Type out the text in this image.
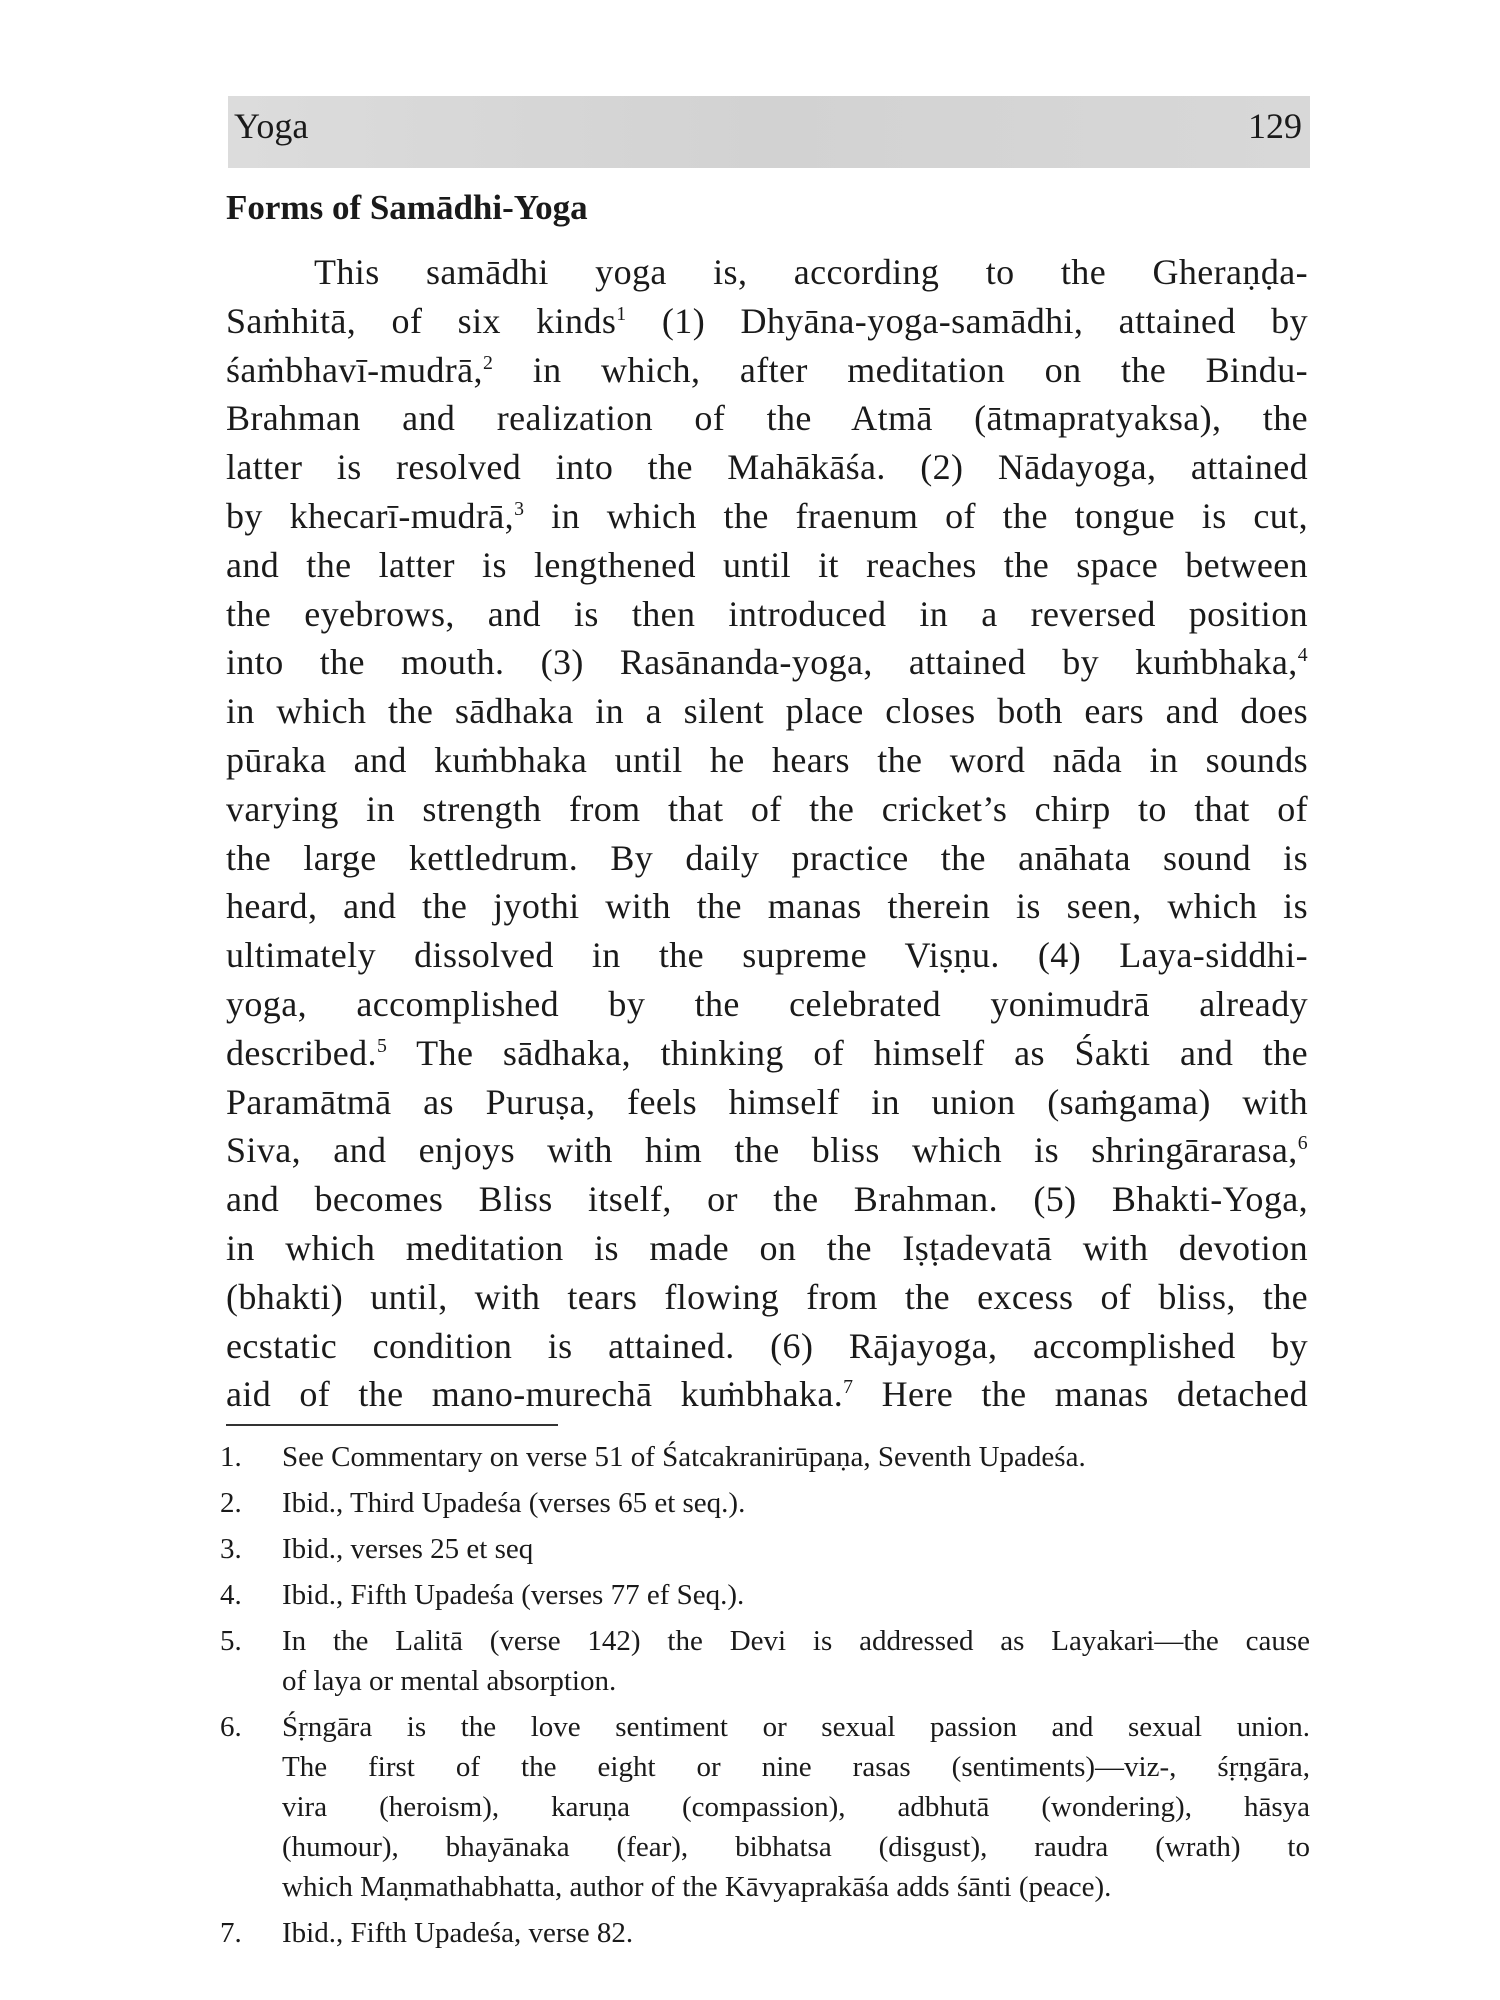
Yoga	129
Forms of Samādhi-Yoga
This samādhi yoga is, according to the Gheraṇḍa-
Saṁhitā, of six kinds$^1$ (1) Dhyāna-yoga-samādhi, attained by
śaṁbhavī-mudrā,$^2$ in which, after meditation on the Bindu-
Brahman and realization of the Atmā (ātmapratyaksa), the
latter is resolved into the Mahākāśa. (2) Nādayoga, attained
by khecarī-mudrā,$^3$ in which the fraenum of the tongue is cut,
and the latter is lengthened until it reaches the space between
the eyebrows, and is then introduced in a reversed position
into the mouth. (3) Rasānanda-yoga, attained by kuṁbhaka,$^4$
in which the sādhaka in a silent place closes both ears and does
pūraka and kuṁbhaka until he hears the word nāda in sounds
varying in strength from that of the cricket’s chirp to that of
the large kettledrum. By daily practice the anāhata sound is
heard, and the jyothi with the manas therein is seen, which is
ultimately dissolved in the supreme Viṣṇu. (4) Laya-siddhi-
yoga, accomplished by the celebrated yonimudrā already
described.$^5$ The sādhaka, thinking of himself as Śakti and the
Paramātmā as Puruṣa, feels himself in union (saṁgama) with
Siva, and enjoys with him the bliss which is shringārarasa,$^6$
and becomes Bliss itself, or the Brahman. (5) Bhakti-Yoga,
in which meditation is made on the Iṣṭadevatā with devotion
(bhakti) until, with tears flowing from the excess of bliss, the
ecstatic condition is attained. (6) Rājayoga, accomplished by
aid of the mano-murechā kuṁbhaka.$^7$ Here the manas detached
1.	See Commentary on verse 51 of Śatcakranirūpaṇa, Seventh Upadeśa.
2.	Ibid., Third Upadeśa (verses 65 et seq.).
3.	Ibid., verses 25 et seq
4.	Ibid., Fifth Upadeśa (verses 77 ef Seq.).
5.	In the Lalitā (verse 142) the Devi is addressed as Layakari—the cause
of laya or mental absorption.
6.	Śṛngāra is the love sentiment or sexual passion and sexual union.
The first of the eight or nine rasas (sentiments)—viz-, śṛṇgāra,
vira (heroism), karuṇa (compassion), adbhutā (wondering), hāsya
(humour), bhayānaka (fear), bibhatsa (disgust), raudra (wrath) to
which Maṇmathabhatta, author of the Kāvyaprakāśa adds śānti (peace).
7.	Ibid., Fifth Upadeśa, verse 82.
